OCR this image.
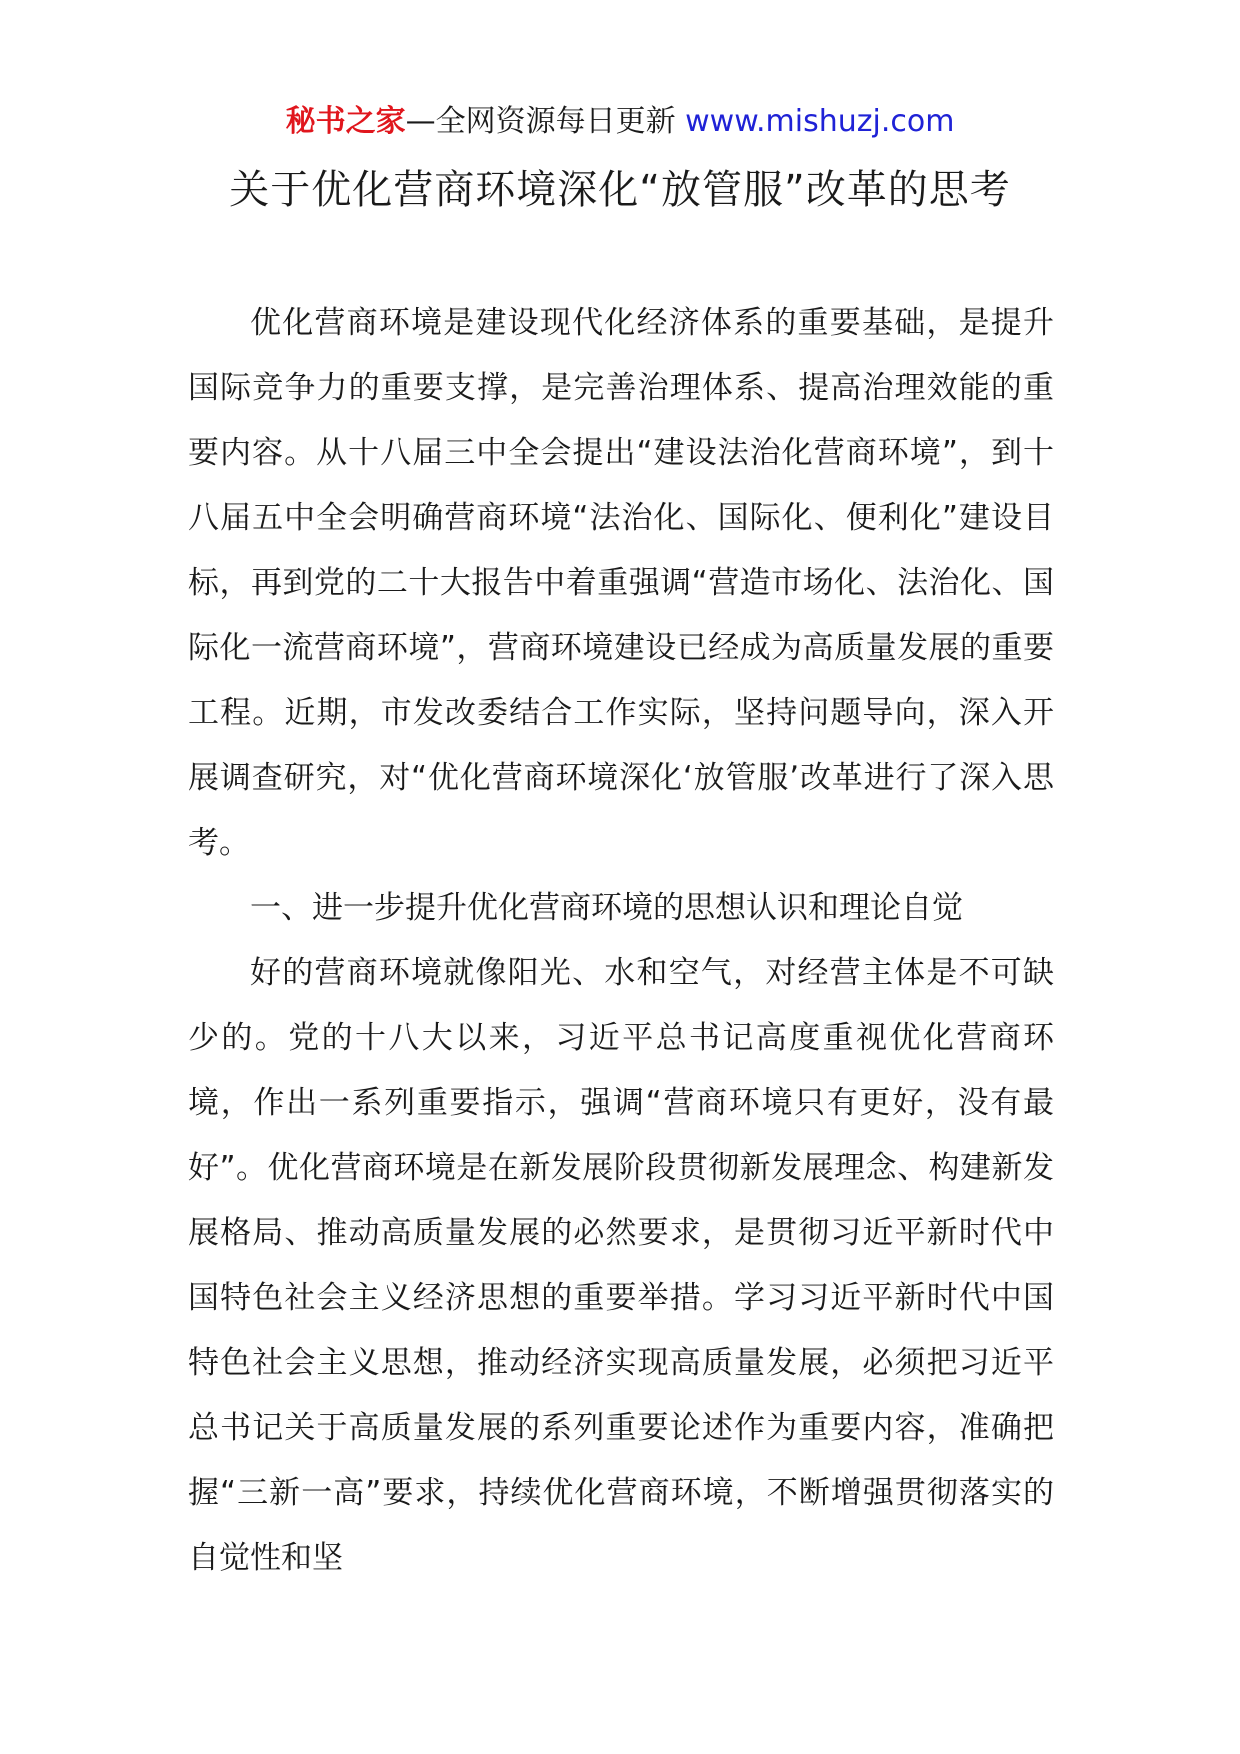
秘书之家—全网资源每日更新 www.mishuzj.com
关于优化营商环境深化“放管服”改革的思考

优化营商环境是建设现代化经济体系的重要基础，是提升国际竞争力的重要支撑，是完善治理体系、提高治理效能的重要内容。从十八届三中全会提出“建设法治化营商环境”，到十八届五中全会明确营商环境“法治化、国际化、便利化”建设目标，再到党的二十大报告中着重强调“营造市场化、法治化、国际化一流营商环境”，营商环境建设已经成为高质量发展的重要工程。近期，市发改委结合工作实际，坚持问题导向，深入开展调查研究，对“优化营商环境深化‘放管服’改革进行了深入思考。

一、进一步提升优化营商环境的思想认识和理论自觉

好的营商环境就像阳光、水和空气，对经营主体是不可缺少的。党的十八大以来，习近平总书记高度重视优化营商环境，作出一系列重要指示，强调“营商环境只有更好，没有最好”。优化营商环境是在新发展阶段贯彻新发展理念、构建新发展格局、推动高质量发展的必然要求，是贯彻习近平新时代中国特色社会主义经济思想的重要举措。学习习近平新时代中国特色社会主义思想，推动经济实现高质量发展，必须把习近平总书记关于高质量发展的系列重要论述作为重要内容，准确把握“三新一高”要求，持续优化营商环境，不断增强贯彻落实的自觉性和坚
